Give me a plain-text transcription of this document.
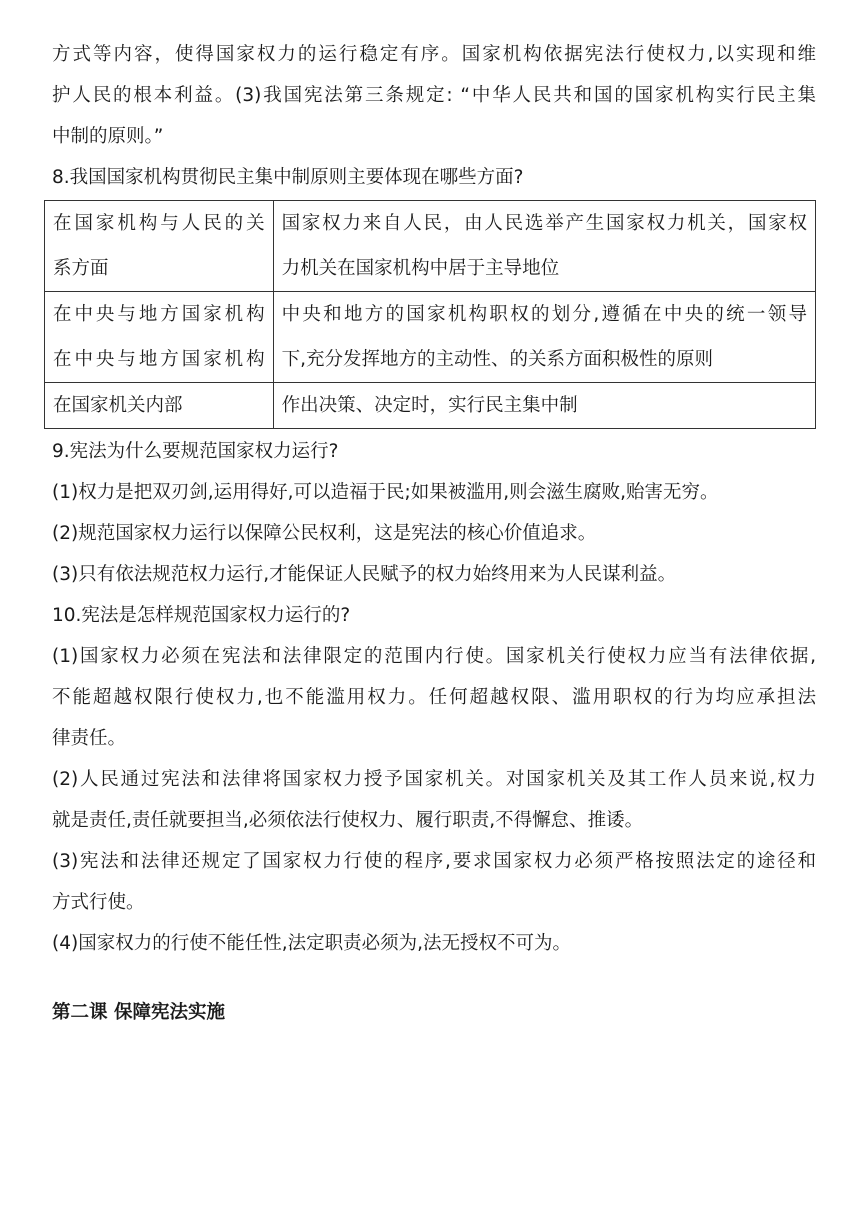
方式等内容，使得国家权力的运行稳定有序。国家机构依据宪法行使权力,以实现和维

护人民的根本利益。(3)我国宪法第三条规定: “中华人民共和国的国家机构实行民主集

中制的原则。”

8.我国国家机构贯彻民主集中制原则主要体现在哪些方面?

在国家机构与人民的关
系方面	国家权力来自人民，由人民选举产生国家权力机关，国家权
力机关在国家机构中居于主导地位

在中央与地方国家机构
在中央与地方国家机构	中央和地方的国家机构职权的划分,遵循在中央的统一领导
下,充分发挥地方的主动性、的关系方面积极性的原则

在国家机关内部	作出决策、决定时，实行民主集中制

9.宪法为什么要规范国家权力运行?

(1)权力是把双刃剑,运用得好,可以造福于民;如果被滥用,则会滋生腐败,贻害无穷。

(2)规范国家权力运行以保障公民权利，这是宪法的核心价值追求。

(3)只有依法规范权力运行,才能保证人民赋予的权力始终用来为人民谋利益。

10.宪法是怎样规范国家权力运行的?

(1)国家权力必须在宪法和法律限定的范围内行使。国家机关行使权力应当有法律依据,

不能超越权限行使权力,也不能滥用权力。任何超越权限、滥用职权的行为均应承担法

律责任。

(2)人民通过宪法和法律将国家权力授予国家机关。对国家机关及其工作人员来说,权力

就是责任,责任就要担当,必须依法行使权力、履行职责,不得懈怠、推诿。

(3)宪法和法律还规定了国家权力行使的程序,要求国家权力必须严格按照法定的途径和

方式行使。

(4)国家权力的行使不能任性,法定职责必须为,法无授权不可为。

第二课 保障宪法实施
